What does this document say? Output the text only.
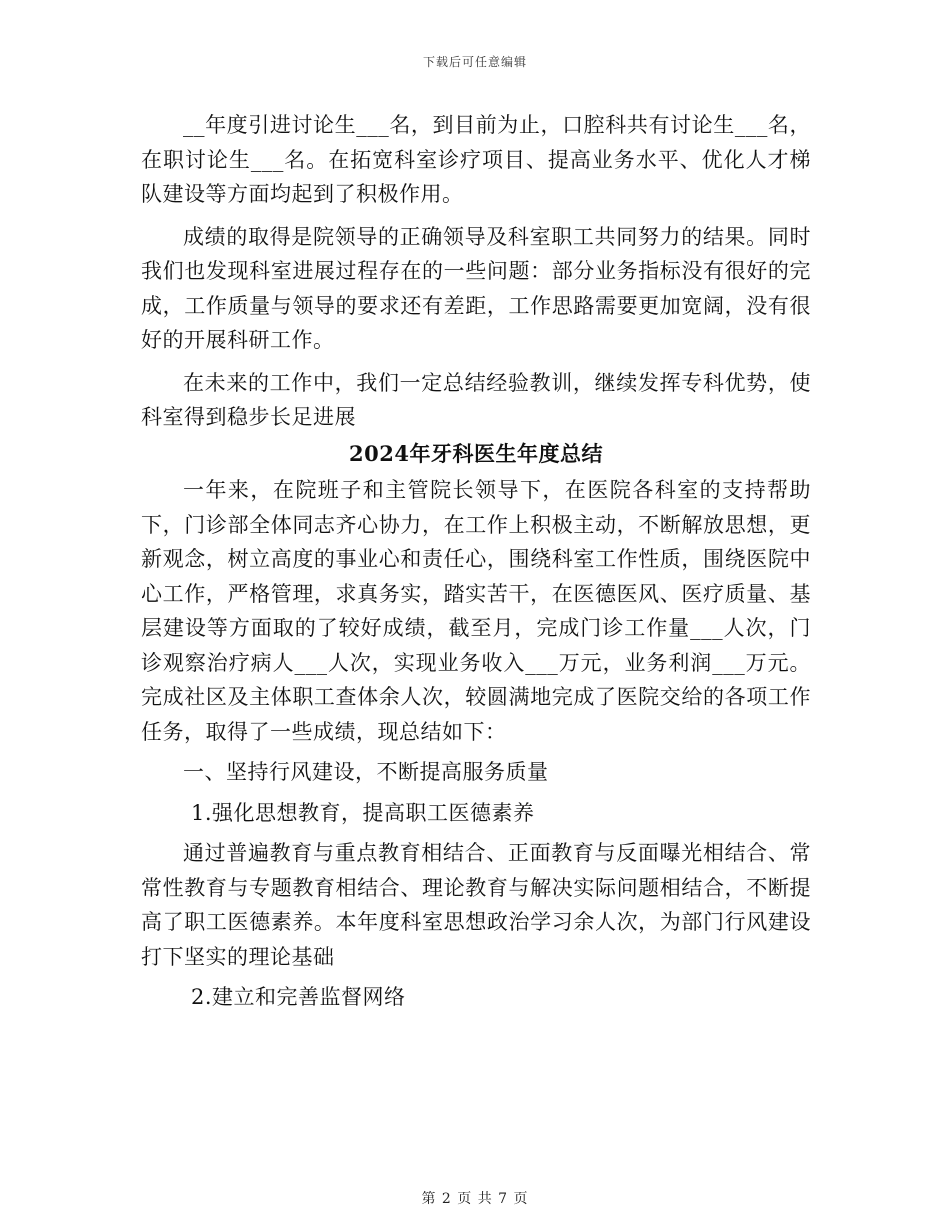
下载后可任意编辑

__年度引进讨论生___名，到目前为止，口腔科共有讨论生___名，在职讨论生___名。在拓宽科室诊疗项目、提高业务水平、优化人才梯队建设等方面均起到了积极作用。

成绩的取得是院领导的正确领导及科室职工共同努力的结果。同时我们也发现科室进展过程存在的一些问题：部分业务指标没有很好的完成，工作质量与领导的要求还有差距，工作思路需要更加宽阔，没有很好的开展科研工作。

在未来的工作中，我们一定总结经验教训，继续发挥专科优势，使科室得到稳步长足进展

2024年牙科医生年度总结

一年来，在院班子和主管院长领导下，在医院各科室的支持帮助下，门诊部全体同志齐心协力，在工作上积极主动，不断解放思想，更新观念，树立高度的事业心和责任心，围绕科室工作性质，围绕医院中心工作，严格管理，求真务实，踏实苦干，在医德医风、医疗质量、基层建设等方面取的了较好成绩，截至月，完成门诊工作量___人次，门诊观察治疗病人___人次，实现业务收入___万元，业务利润___万元。完成社区及主体职工查体余人次，较圆满地完成了医院交给的各项工作任务，取得了一些成绩，现总结如下：

一、坚持行风建设，不断提高服务质量

1.强化思想教育，提高职工医德素养

通过普遍教育与重点教育相结合、正面教育与反面曝光相结合、常常性教育与专题教育相结合、理论教育与解决实际问题相结合，不断提高了职工医德素养。本年度科室思想政治学习余人次，为部门行风建设打下坚实的理论基础

2.建立和完善监督网络

第 2 页 共 7 页
